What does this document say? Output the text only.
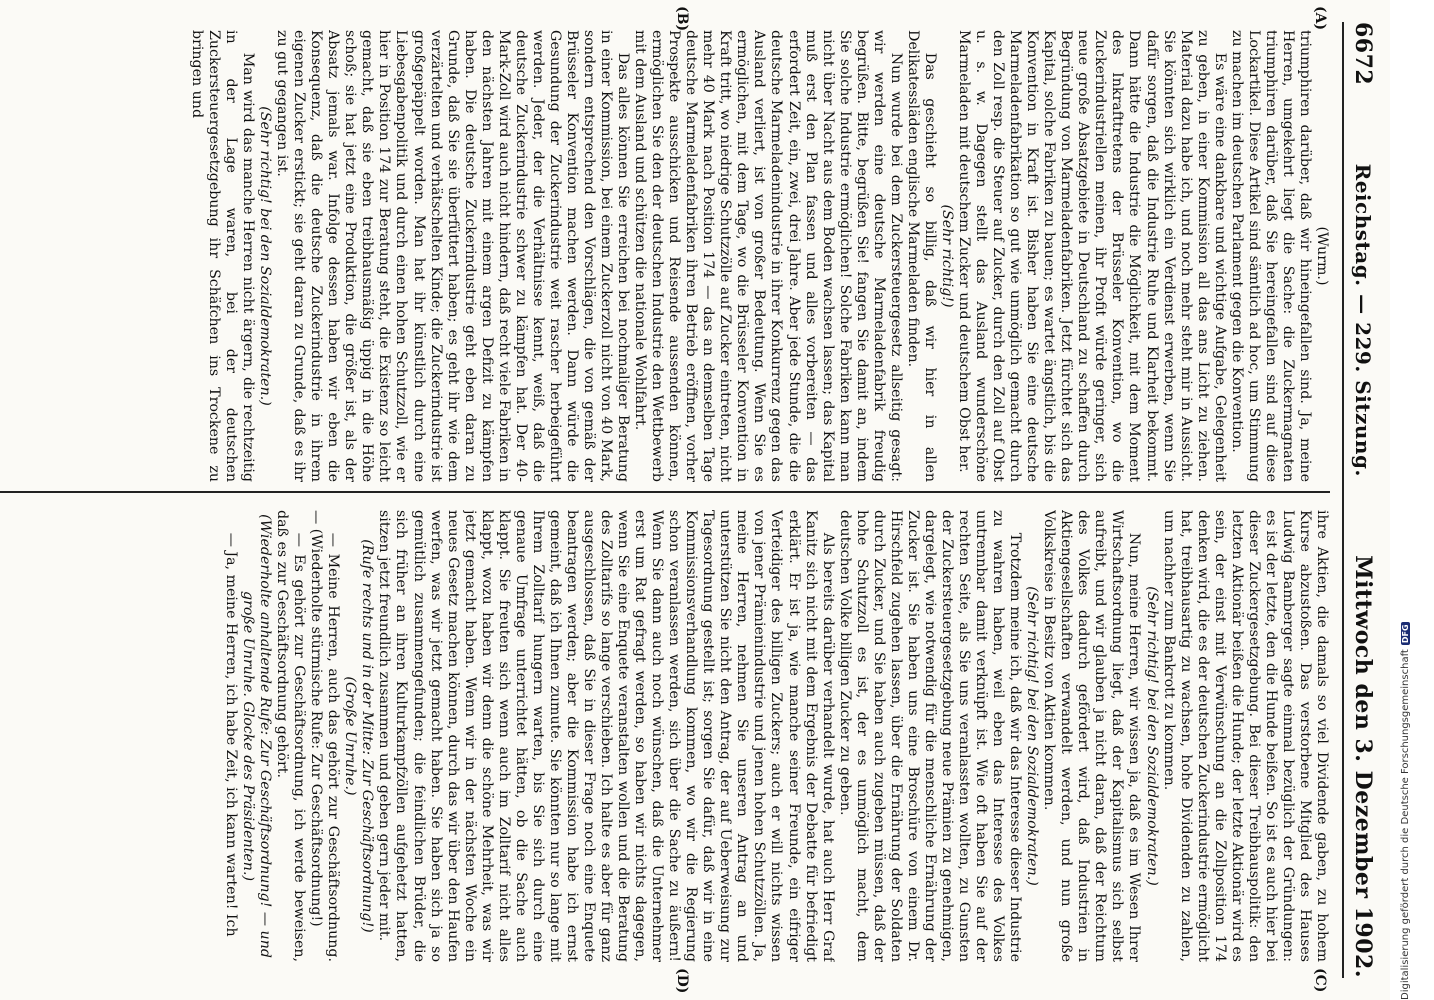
6672
Reichstag. — 229. Sitzung.
Mittwoch den 3. Dezember 1902.
(A)
(B)
(C)
(D)

(Wurm.)

triumphiren darüber, daß wir hineingefallen sind. Ja, meine Herren, umgekehrt liegt die Sache: die Zuckermagnaten triumphiren darüber, daß Sie hereingefallen sind auf diese Lockartikel. Diese Artikel sind sämtlich ad hoc, um Stimmung zu machen im deutschen Parlament gegen die Konvention.

Es wäre eine dankbare und wichtige Aufgabe, Gelegenheit zu geben, in einer Kommission all das ans Licht zu ziehen. Material dazu habe ich, und noch mehr steht mir in Aussicht. Sie könnten sich wirklich ein Verdienst erwerben, wenn Sie dafür sorgen, daß die Industrie Ruhe und Klarheit bekommt. Dann hätte die Industrie die Möglichkeit, mit dem Moment des Inkrafttretens der Brüsseler Konvention, wo die Zuckerindustriellen meinen, ihr Profit würde geringer, sich neue große Absatzgebiete in Deutschland zu schaffen durch Begründung von Marmeladenfabriken. Jetzt fürchtet sich das Kapital, solche Fabriken zu bauen; es wartet ängstlich, bis die Konvention in Kraft ist. Bisher haben Sie eine deutsche Marmeladenfabrikation so gut wie unmöglich gemacht durch den Zoll resp. die Steuer auf Zucker, durch den Zoll auf Obst u. s. w. Dagegen stellt das Ausland wunderschöne Marmeladen mit deutschem Zucker und deutschem Obst her.

(Sehr richtig!)

Das geschieht so billig, daß wir hier in allen Delikatessläden englische Marmeladen finden.

Nun wurde bei dem Zuckersteuergesetz allseitig gesagt: wir werden eine deutsche Marmeladenfabrik freudig begrüßen. Bitte, begrüßen Sie! fangen Sie damit an, indem Sie solche Industrie ermöglichen! Solche Fabriken kann man nicht über Nacht aus dem Boden wachsen lassen; das Kapital muß erst den Plan fassen und alles vorbereiten — das erfordert Zeit, ein, zwei, drei Jahre. Aber jede Stunde, die die deutsche Marmeladenindustrie in ihrer Konkurrenz gegen das Ausland verliert, ist von großer Bedeutung. Wenn Sie es ermöglichen, mit dem Tage, wo die Brüsseler Konvention in Kraft tritt, wo niedrige Schutzzölle auf Zucker eintreten, nicht mehr 40 Mark nach Position 174 — das an demselben Tage deutsche Marmeladenfabriken ihren Betrieb eröffnen, vorher Prospekte ausschicken und Reisende aussenden können, ermöglichen Sie den der deutschen Industrie den Wettbewerb mit dem Ausland und schützen die nationale Wohlfahrt.

Das alles können Sie erreichen bei nochmaliger Beratung in einer Kommission, bei einem Zuckerzoll nicht von 40 Mark, sondern entsprechend den Vorschlägen, die von gemäß der Brüsseler Konvention machen werden. Dann würde die Gesundung der Zuckerindustrie weit rascher herbeigeführt werden. Jeder, der die Verhältnisse kennt, weiß, daß die deutsche Zuckerindustrie schwer zu kämpfen hat. Der 40-Mark-Zoll wird auch nicht hindern, daß recht viele Fabriken in den nächsten Jahren mit einem argen Defizit zu kämpfen haben. Die deutsche Zuckerindustrie geht eben daran zu Grunde, daß Sie sie überfüttert haben; es geht ihr wie dem verzärtelten und verhätschelten Kinde; die Zuckerindustrie ist großgepäppelt worden. Man hat ihr künstlich durch eine Liebesgabenpolitik und durch einen hohen Schutzzoll, wie er hier in Position 174 zur Beratung steht, die Existenz so leicht gemacht, daß sie eben treibhausmäßig üppig in die Höhe schoß; sie hat jetzt eine Produktion, die größer ist, als der Absatz jemals war. Infolge dessen haben wir eben die Konsequenz, daß die deutsche Zuckerindustrie in ihrem eigenen Zucker erstickt; sie geht daran zu Grunde, daß es ihr zu gut gegangen ist.

(Sehr richtig! bei den Sozialdemokraten.)

Man wird das manche Herren nicht ärgern, die rechtzeitig in der Lage waren, bei der deutschen Zuckersteuergesetzgebung ihr Schäfchen ins Trockene zu bringen und

ihre Aktien, die damals so viel Dividende gaben, zu hohem Kurse abzustoßen. Das verstorbene Mitglied des Hauses Ludwig Bamberger sagte einmal bezüglich der Gründungen: es ist der letzte, den die Hunde beißen. So ist es auch hier bei dieser Zuckergesetzgebung. Bei dieser Treibhauspolitik: den letzten Aktionär beißen die Hunde; der letzte Aktionär wird es sein, der einst mit Verwünschung an die Zollposition 174 denken wird, die es der deutschen Zuckerindustrie ermöglicht hat, treibhausartig zu wachsen, hohe Dividenden zu zahlen, um nachher zum Bankrott zu kommen.

(Sehr richtig! bei den Sozialdemokraten.)

Nun, meine Herren, wir wissen ja, daß es im Wesen Ihrer Wirtschaftsordnung liegt, daß der Kapitalismus sich selbst aufreibt, und wir glauben ja nicht daran, daß der Reichtum des Volkes dadurch gefördert wird, daß Industrien in Aktiengesellschaften verwandelt werden, und nun große Volkskreise in Besitz von Aktien kommen.

(Sehr richtig! bei den Sozialdemokraten.)

Trotzdem meine ich, daß wir das Interesse dieser Industrie zu wahren haben, weil eben das Interesse des Volkes untrennbar damit verknüpft ist. Wie oft haben Sie auf der rechten Seite, als Sie uns veranlassten wollten, zu Gunsten der Zuckersteuergesetzgebung neue Prämien zu genehmigen, dargelegt, wie notwendig für die menschliche Ernährung der Zucker ist. Sie haben uns eine Broschüre von einem Dr. Hirschfeld zugehen lassen, über die Ernährung der Soldaten durch Zucker, und Sie haben auch zugeben müssen, daß der hohe Schutzzoll es ist, der es unmöglich macht, dem deutschen Volke billigen Zucker zu geben.

Als bereits darüber verhandelt wurde, hat auch Herr Graf Kanitz sich nicht mit dem Ergebnis der Debatte für befriedigt erklärt. Er ist ja, wie manche seiner Freunde, ein eifriger Verteidiger des billigen Zuckers; auch er will nichts wissen von jener Prämienindustrie und jenen hohen Schutzzöllen. Ja, meine Herren, nehmen Sie unseren Antrag an und unterstützen Sie nicht den Antrag, der auf Ueberweisung zur Tagesordnung gestellt ist; sorgen Sie dafür, daß wir in eine Kommissionsverhandlung kommen, wo wir die Regierung schon veranlassen werden, sich über die Sache zu äußern! Wenn Sie dann auch noch wünschen, daß die Unternehmer erst um Rat gefragt werden, so haben wir nichts dagegen, wenn Sie eine Enquete veranstalten wollen und die Beratung des Zolltarifs so lange verschieben. Ich halte es aber für ganz ausgeschlossen, daß Sie in dieser Frage noch eine Enquete beantragen werden; aber die Kommission habe ich ernst gemeint, daß ich Ihnen zumute. Sie könnten nur so lange mit Ihrem Zolltarif hungern warten, bis Sie sich durch eine genaue Umfrage unterrichtet hätten, ob die Sache auch klappt. Sie freuten sich wenn auch im Zolltarif nicht alles klappt, wozu haben wir denn die schöne Mehrheit, was wir jetzt gemacht haben. Wenn wir in der nächsten Woche ein neues Gesetz machen können, durch das wir über den Haufen werfen, was wir jetzt gemacht haben. Sie haben sich ja so gemütlich zusammengefunden; die feindlichen Brüder, die sich früher an ihren Kulturkampfzöllen aufgehetzt hatten, sitzen jetzt freundlich zusammen und geben gern jeder mit.

(Rufe rechts und in der Mitte: Zur Geschäftsordnung!)

(Große Unruhe.)

— Meine Herren, auch das gehört zur Geschäftsordnung. — (Wiederholte stürmische Rufe: Zur Geschäftsordnung!)

— Es gehört zur Geschäftsordnung, ich werde beweisen, daß es zur Geschäftsordnung gehört.

(Wiederholte anhaltende Rufe: Zur Geschäftsordnung! — und große Unruhe. Glocke des Präsidenten.)

— Ja, meine Herren, ich habe Zeit, ich kann warten! Ich	Digitalisierung gefördert durch die Deutsche Forschungsgemeinschaft
DFG
